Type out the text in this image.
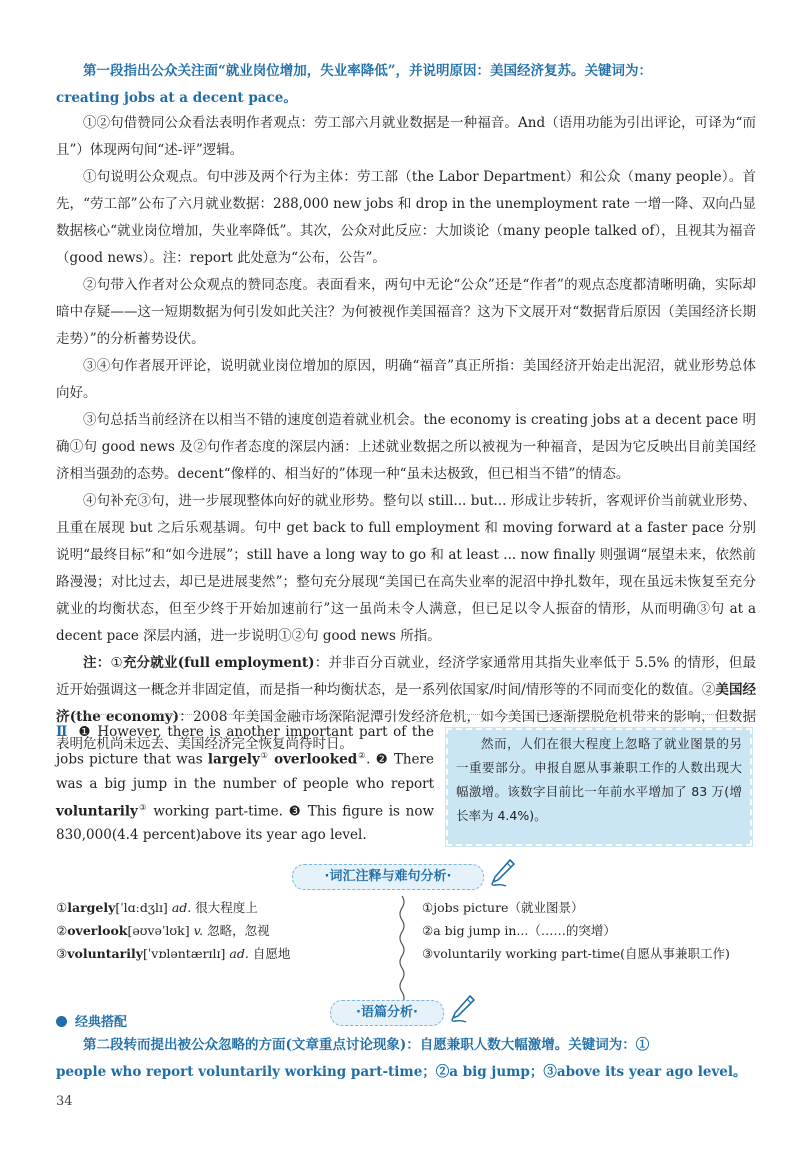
第一段指出公众关注面“就业岗位增加，失业率降低”，并说明原因：美国经济复苏。关键词为：

creating jobs at a decent pace。

①②句借赞同公众看法表明作者观点：劳工部六月就业数据是一种福音。And（语用功能为引出评论，可译为“而且”）体现两句间“述-评”逻辑。

①句说明公众观点。句中涉及两个行为主体：劳工部（the Labor Department）和公众（many people）。首先，“劳工部”公布了六月就业数据：288,000 new jobs 和 drop in the unemployment rate 一增一降、双向凸显数据核心“就业岗位增加，失业率降低”。其次，公众对此反应：大加谈论（many people talked of），且视其为福音（good news）。注：report 此处意为“公布，公告”。

②句带入作者对公众观点的赞同态度。表面看来，两句中无论“公众”还是“作者”的观点态度都清晰明确，实际却暗中存疑——这一短期数据为何引发如此关注？为何被视作美国福音？这为下文展开对“数据背后原因（美国经济长期走势）”的分析蓄势设伏。

③④句作者展开评论，说明就业岗位增加的原因，明确“福音”真正所指：美国经济开始走出泥沼，就业形势总体向好。

③句总括当前经济在以相当不错的速度创造着就业机会。the economy is creating jobs at a decent pace 明确①句 good news 及②句作者态度的深层内涵：上述就业数据之所以被视为一种福音，是因为它反映出目前美国经济相当强劲的态势。decent“像样的、相当好的”体现一种“虽未达极致，但已相当不错”的情态。

④句补充③句，进一步展现整体向好的就业形势。整句以 still... but... 形成让步转折，客观评价当前就业形势、且重在展现 but 之后乐观基调。句中 get back to full employment 和 moving forward at a faster pace 分别说明“最终目标”和“如今进展”；still have a long way to go 和 at least ... now finally 则强调“展望未来，依然前路漫漫；对比过去，却已是进展斐然”；整句充分展现“美国已在高失业率的泥沼中挣扎数年，现在虽远未恢复至充分就业的均衡状态，但至少终于开始加速前行”这一虽尚未令人满意，但已足以令人振奋的情形，从而明确③句 at a decent pace 深层内涵，进一步说明①②句 good news 所指。

注：①充分就业(full employment)：并非百分百就业，经济学家通常用其指失业率低于 5.5% 的情形，但最近开始强调这一概念并非固定值，而是指一种均衡状态，是一系列依国家/时间/情形等的不同而变化的数值。②美国经济(the economy)：2008 年美国金融市场深陷泥潭引发经济危机，如今美国已逐渐摆脱危机带来的影响，但数据表明危机尚未远去、美国经济完全恢复尚待时日。

Ⅱ ❶ However, there is another important part of the jobs picture that was largely① overlooked②. ❷ There was a big jump in the number of people who report voluntarily③ working part-time. ❸ This figure is now 830,000(4.4 percent)above its year ago level.
然而，人们在很大程度上忽略了就业图景的另一重要部分。申报自愿从事兼职工作的人数出现大幅激增。该数字目前比一年前水平增加了 83 万(增长率为 4.4%)。
·词汇注释与难句分析·
①largely[ˈlɑːdʒlɪ] ad. 很大程度上
②overlook[əʊvəˈlʊk] v. 忽略，忽视
③voluntarily[ˈvɒləntærɪlɪ] ad. 自愿地
①jobs picture（就业图景）
②a big jump in...（……的突增）
③voluntarily working part-time(自愿从事兼职工作)
经典搭配
·语篇分析·

第二段转而提出被公众忽略的方面(文章重点讨论现象)：自愿兼职人数大幅激增。关键词为：①

people who report voluntarily working part-time；②a big jump；③above its year ago level。

34
